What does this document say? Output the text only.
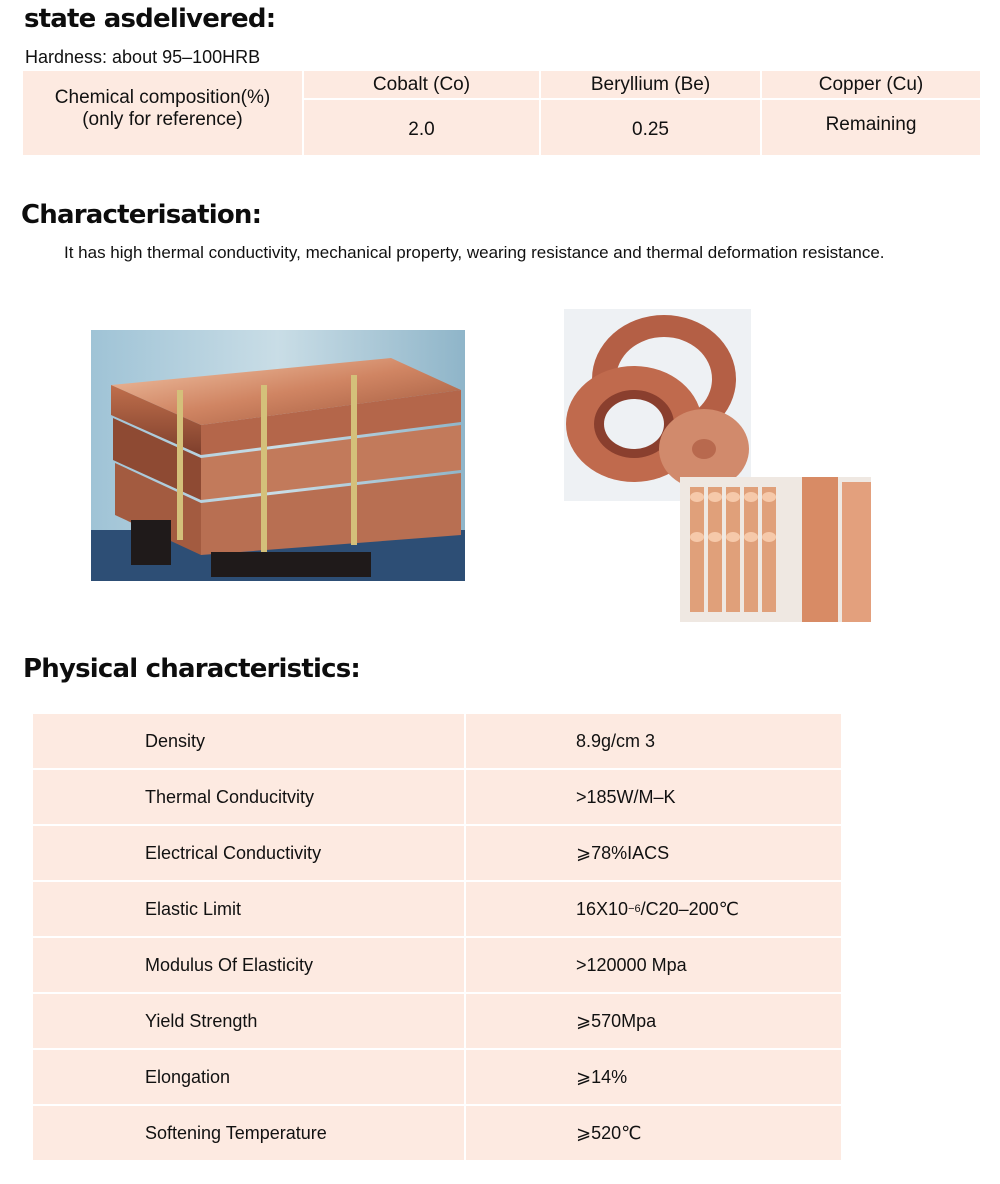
state asdelivered:
Hardness: about 95–100HRB
Chemical composition(%)
(only for reference)
Cobalt (Co)	Beryllium (Be)	Copper (Cu)
2.0	0.25	Remaining
Characterisation:
It has high thermal conductivity, mechanical property, wearing resistance and thermal deformation resistance.
Physical characteristics:
Density	8.9g/cm 3
Thermal Conducitvity	>185W/M–K
Electrical Conductivity	⩾78%IACS
Elastic Limit	16X10 −6 /C20–200℃
Modulus Of Elasticity	>120000 Mpa
Yield Strength	⩾570Mpa
Elongation	⩾14%
Softening Temperature	⩾520℃
